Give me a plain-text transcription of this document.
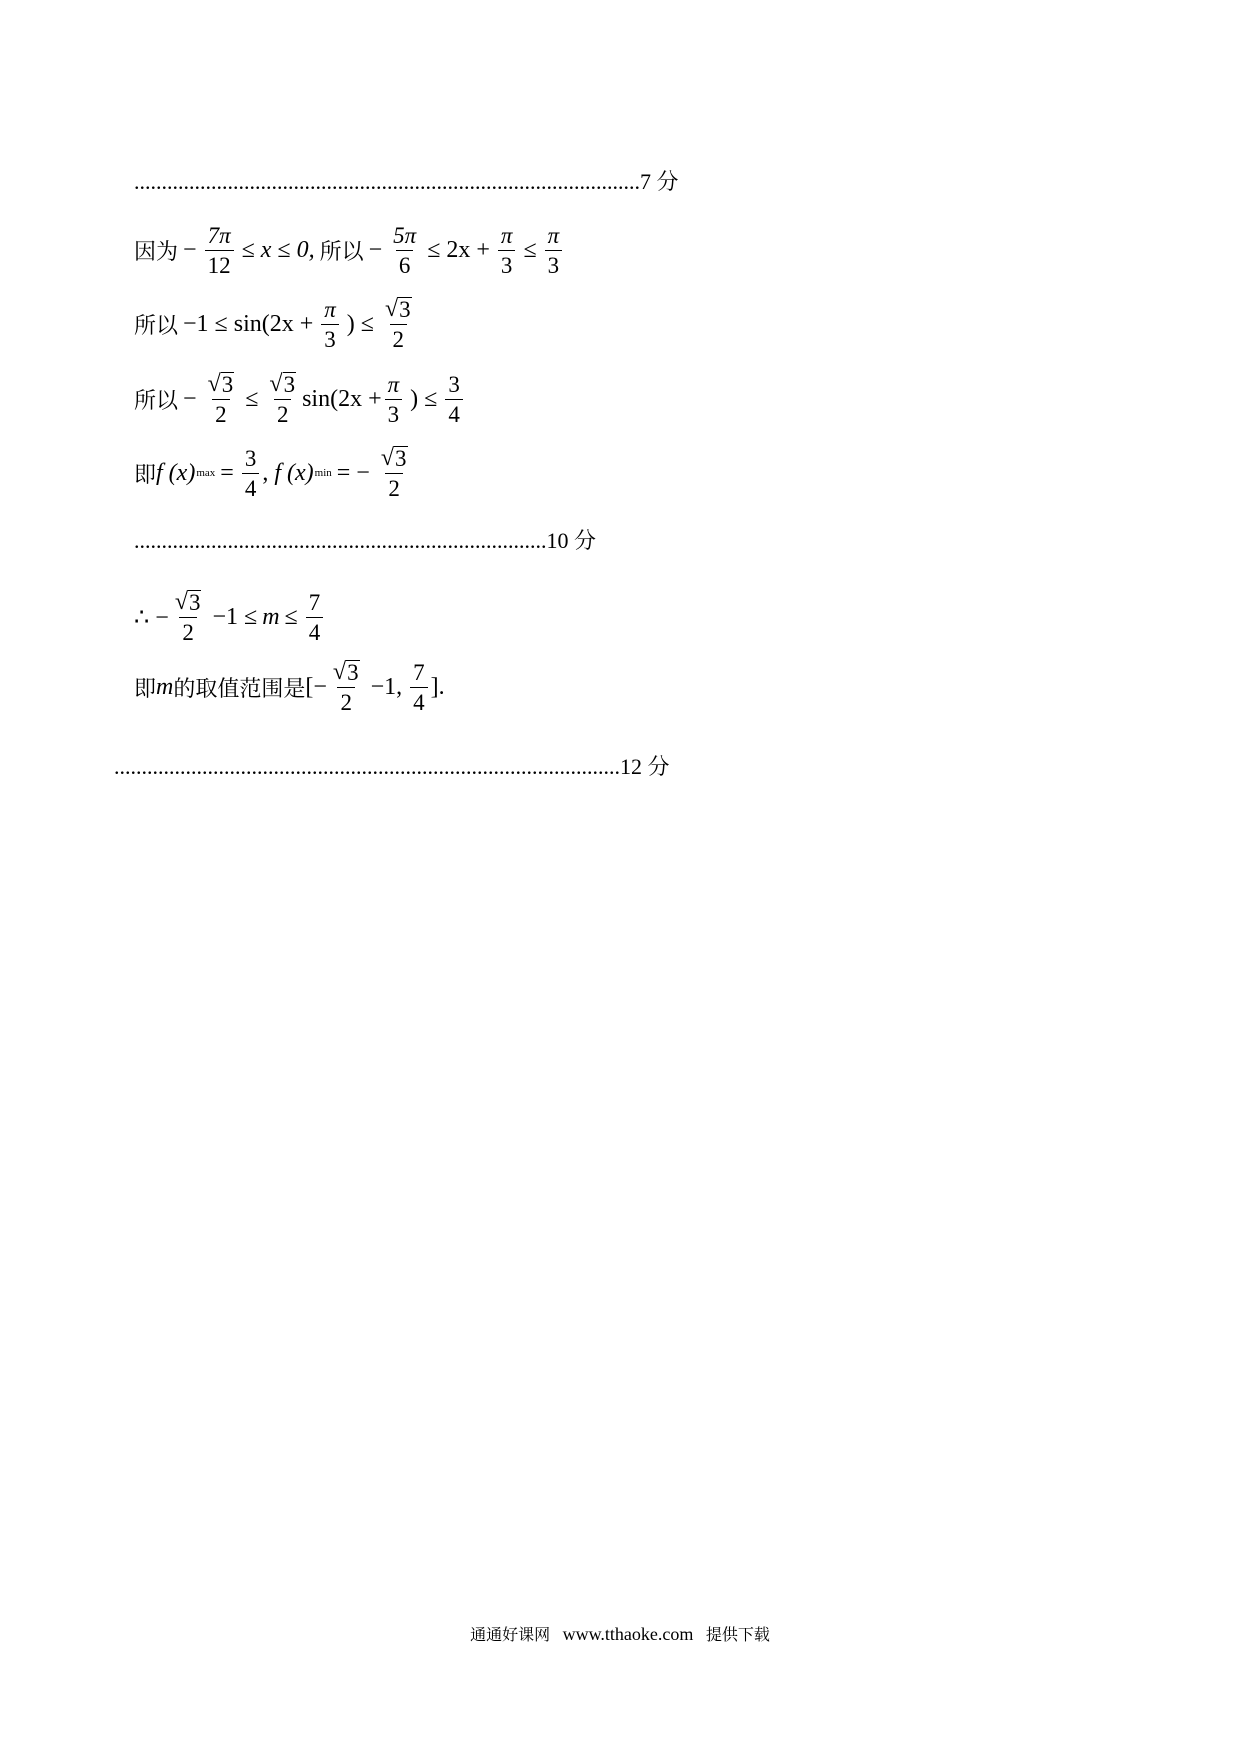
............................................................................................7 分
因为 − $\frac{7\pi}{12} \le x \le 0$, 所以 − $\frac{5\pi}{6} \le 2x + \frac{\pi}{3} \le \frac{\pi}{3}$
所以 $-1 \le \sin(2x + \frac{\pi}{3}$ ) ≤ $\frac{√ 3}{2}$
所以 − $\frac{√ 3}{2} \le \frac{√ 3}{2} \sin(2x + \frac{\pi}{3}$ ) ≤ $\frac{3}{4}$
即 f (x) $\max = \frac{3}{4}$ , f (x) min = − $\frac{√ 3}{2}$
...........................................................................10 分
∴ − $\frac{√ 3}{2} -1 \le m \le \frac{7}{4}$
即 m 的取值范围是 [− $\frac{√ 3}{2} -1$, $\frac{7}{4}$ ].
............................................................................................12 分
通通好课网 www.tthaoke.com 提供下载
